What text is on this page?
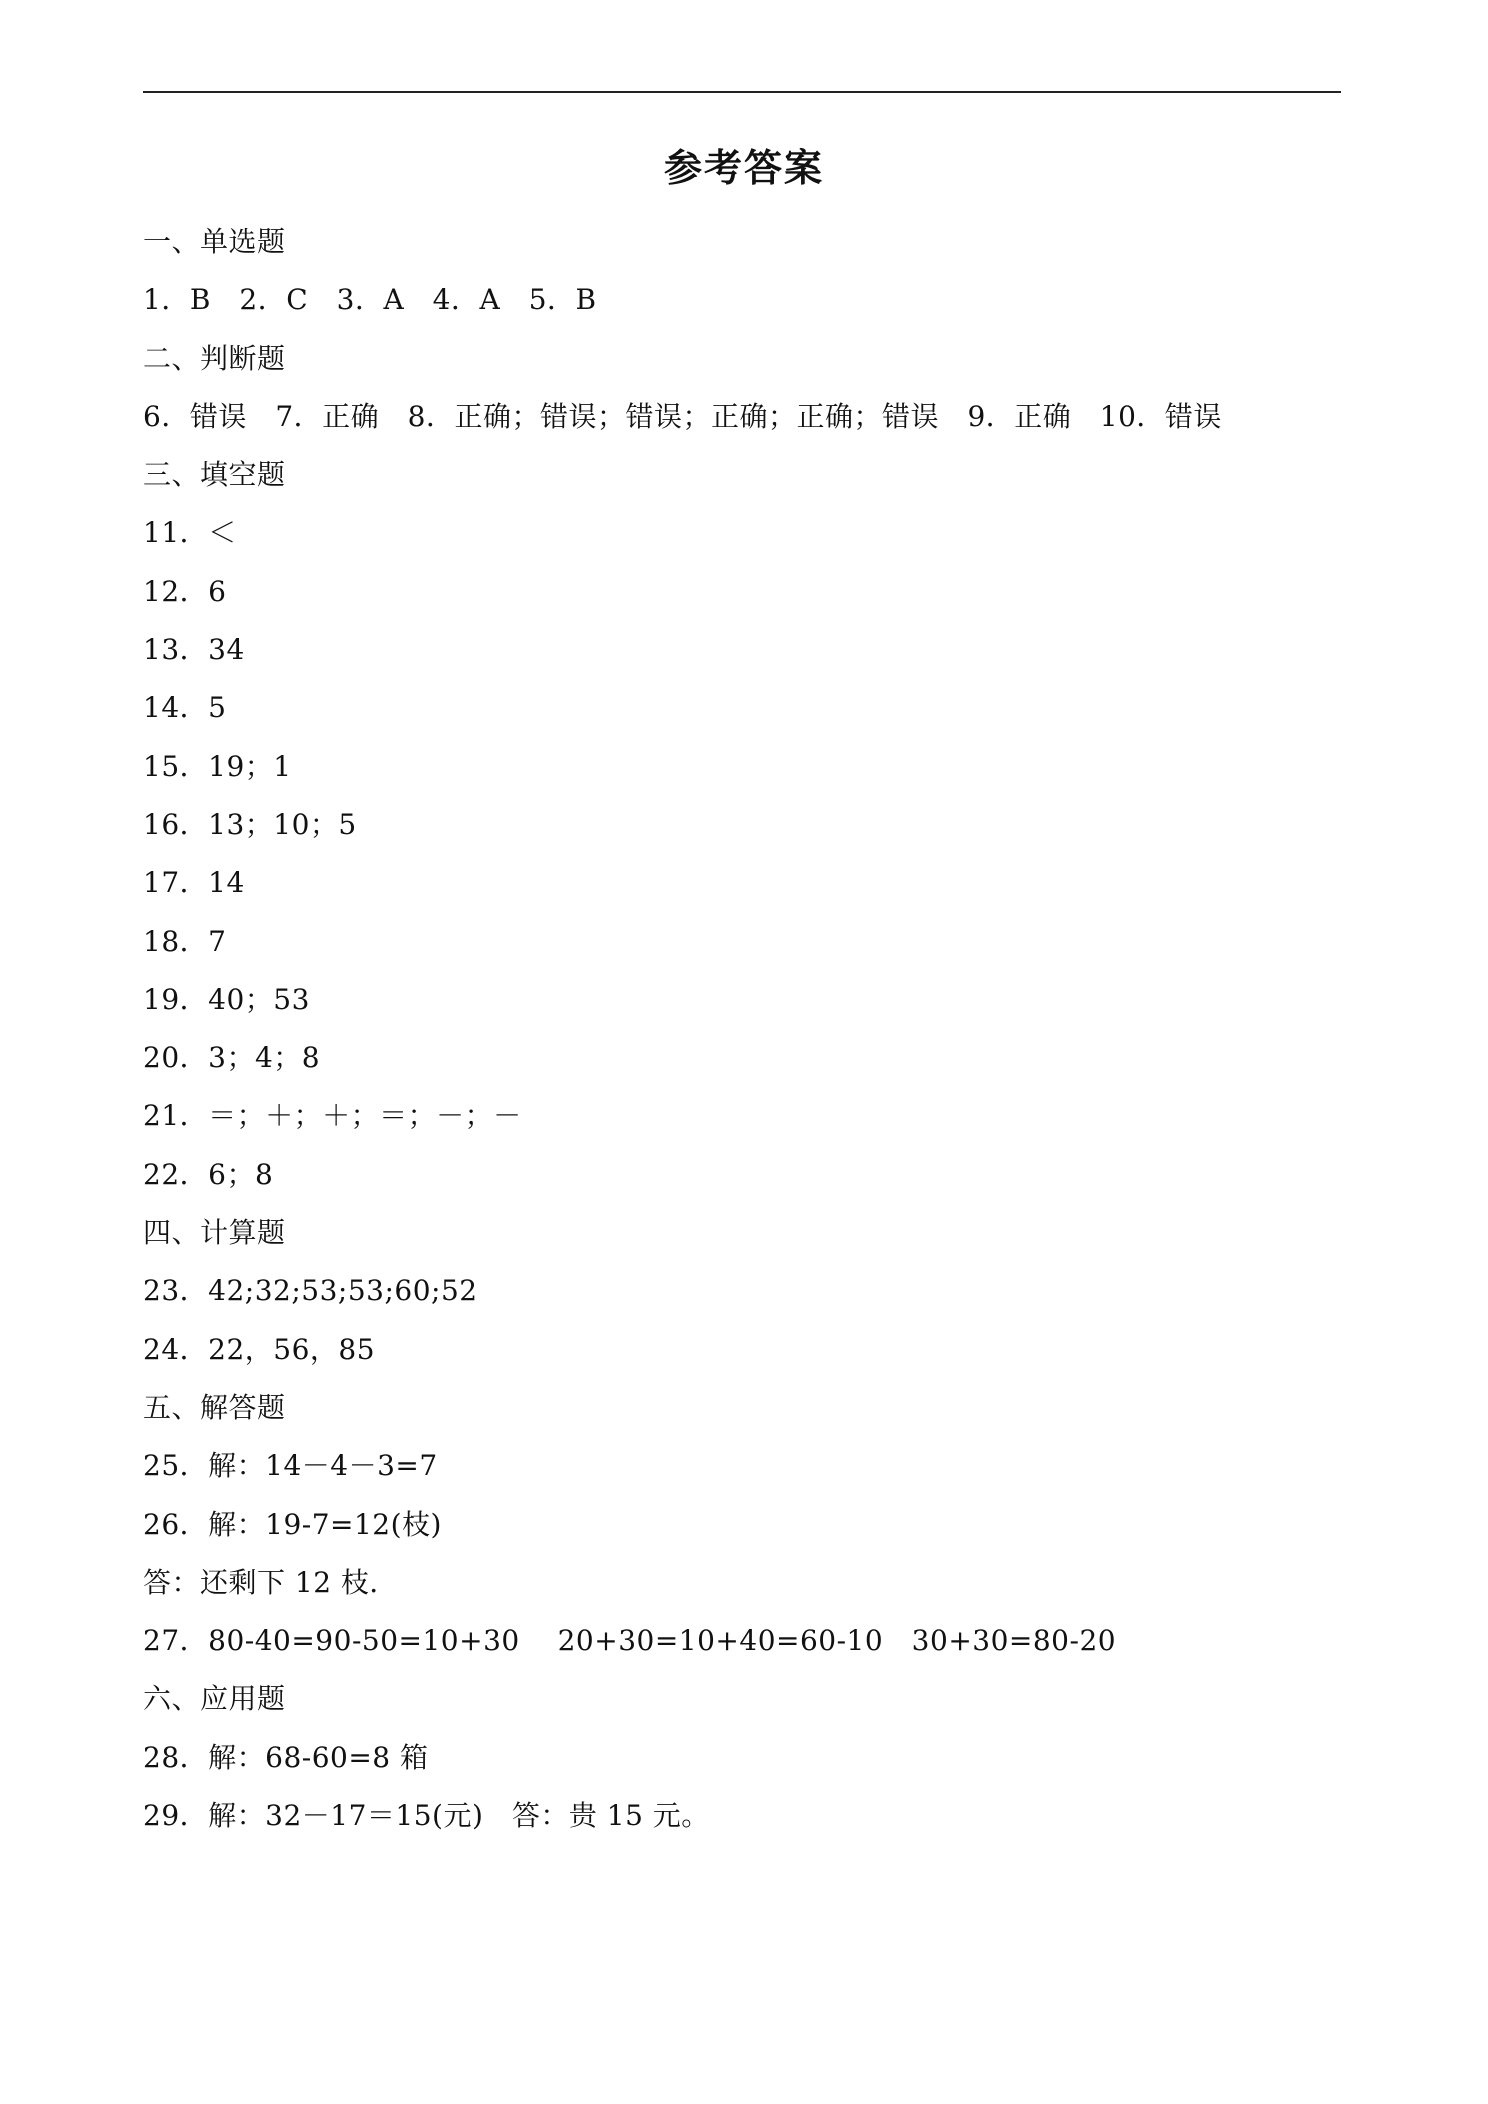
参考答案
一、单选题
1．B　2．C　3．A　4．A　5．B
二、判断题
6．错误　7．正确　8．正确；错误；错误；正确；正确；错误　9．正确　10．错误
三、填空题
11．＜
12．6
13．34
14．5
15．19；1
16．13；10；5
17．14
18．7
19．40；53
20．3；4；8
21．＝；＋；＋；＝；－；－
22．6；8
四、计算题
23．42;32;53;53;60;52
24．22，56，85
五、解答题
25．解：14－4－3=7
26．解：19-7=12(枝)
答：还剩下 12 枝．
27．80-40=90-50=10+30　 20+30=10+40=60-10　30+30=80-20
六、应用题
28．解：68-60=8 箱
29．解：32－17＝15(元)　答：贵 15 元。
